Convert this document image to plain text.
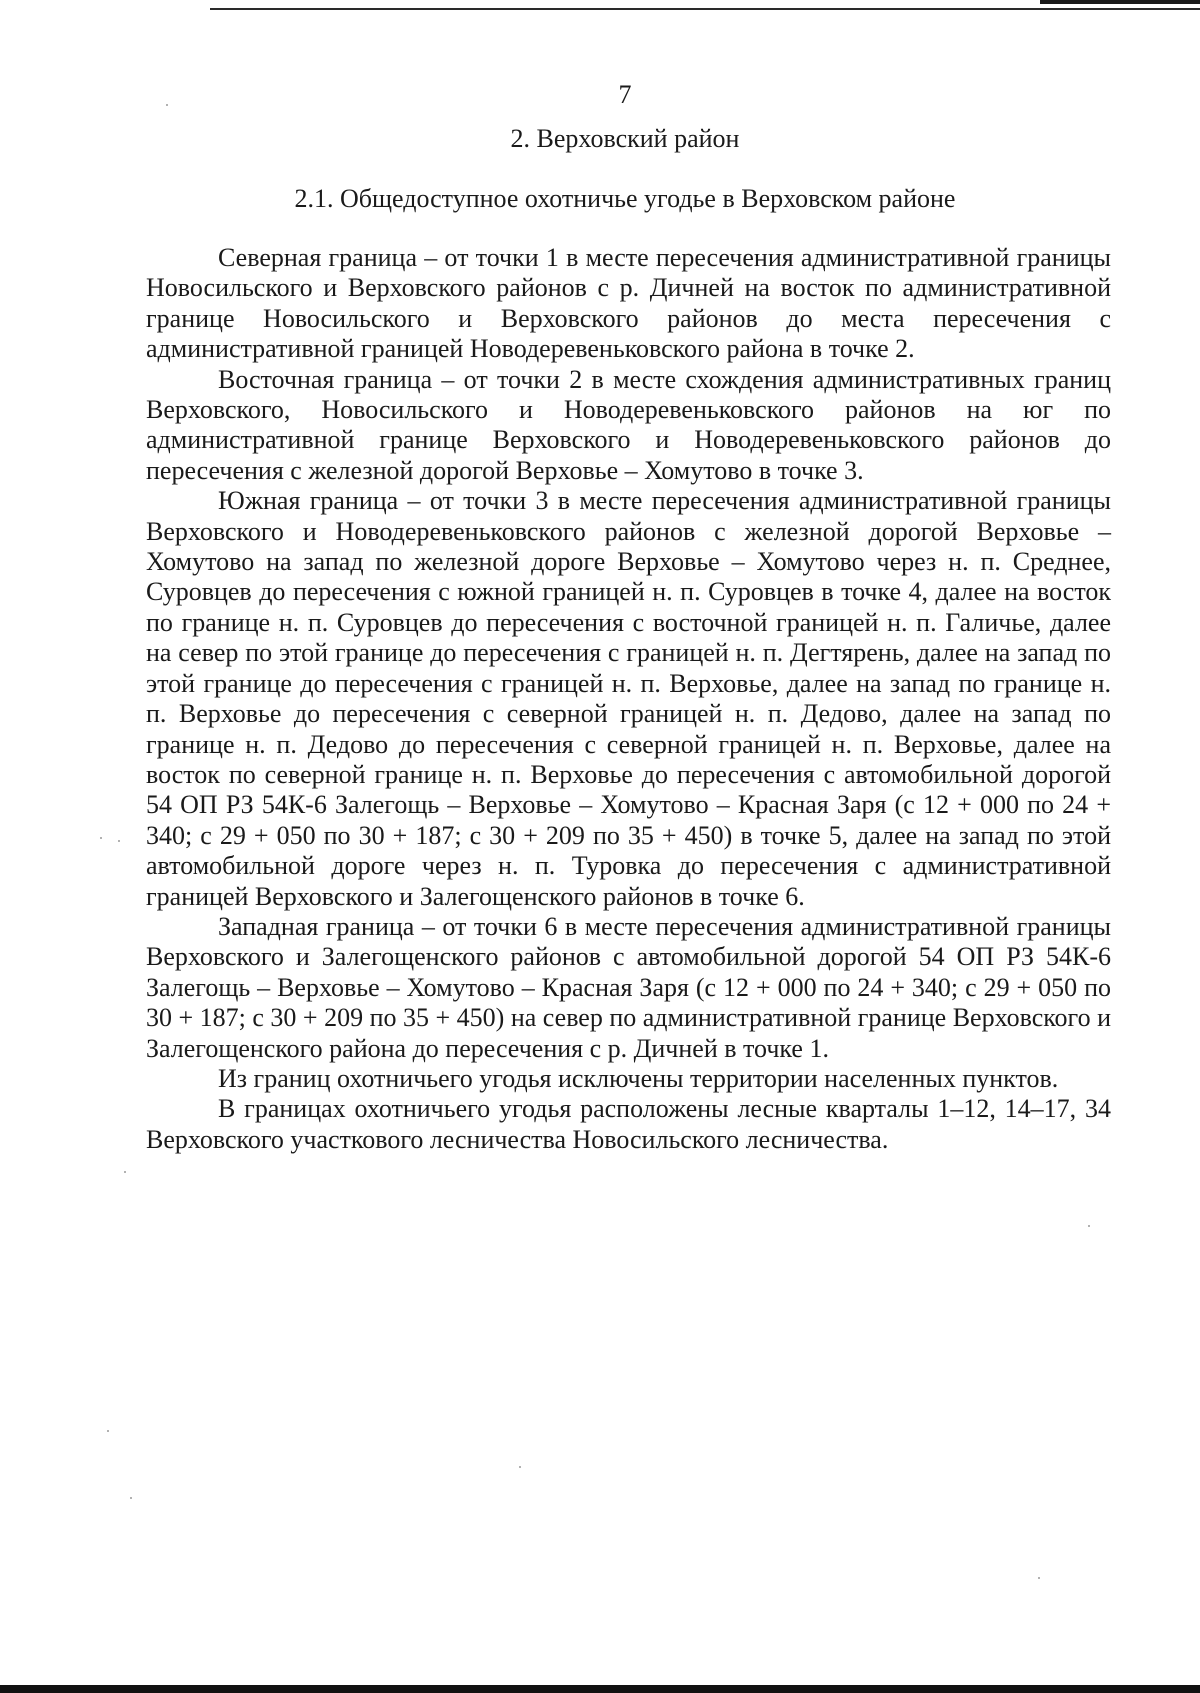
7
2. Верховский район
2.1. Общедоступное охотничье угодье в Верховском районе

Северная граница – от точки 1 в месте пересечения административной границы Новосильского и Верховского районов с р. Дичней на восток по административной границе Новосильского и Верховского районов до места пересечения с административной границей Новодеревеньковского района в точке 2.

Восточная граница – от точки 2 в месте схождения административных границ Верховского, Новосильского и Новодеревеньковского районов на юг по административной границе Верховского и Новодеревеньковского районов до пересечения с железной дорогой Верховье – Хомутово в точке 3.

Южная граница – от точки 3 в месте пересечения административной границы Верховского и Новодеревеньковского районов с железной дорогой Верховье – Хомутово на запад по железной дороге Верховье – Хомутово через н. п. Среднее, Суровцев до пересечения с южной границей н. п. Суровцев в точке 4, далее на восток по границе н. п. Суровцев до пересечения с восточной границей н. п. Галичье, далее на север по этой границе до пересечения с границей н. п. Дегтярень, далее на запад по этой границе до пересечения с границей н. п. Верховье, далее на запад по границе н. п. Верховье до пересечения с северной границей н. п. Дедово, далее на запад по границе н. п. Дедово до пересечения с северной границей н. п. Верховье, далее на восток по северной границе н. п. Верховье до пересечения с автомобильной дорогой 54 ОП РЗ 54К-6 Залегощь – Верховье – Хомутово – Красная Заря (с 12 + 000 по 24 + 340; с 29 + 050 по 30 + 187; с 30 + 209 по 35 + 450) в точке 5, далее на запад по этой автомобильной дороге через н. п. Туровка до пересечения с административной границей Верховского и Залегощенского районов в точке 6.

Западная граница – от точки 6 в месте пересечения административной границы Верховского и Залегощенского районов с автомобильной дорогой 54 ОП РЗ 54К-6 Залегощь – Верховье – Хомутово – Красная Заря (с 12 + 000 по 24 + 340; с 29 + 050 по 30 + 187; с 30 + 209 по 35 + 450) на север по административной границе Верховского и Залегощенского района до пересечения с р. Дичней в точке 1.

Из границ охотничьего угодья исключены территории населенных пунктов.

В границах охотничьего угодья расположены лесные кварталы 1–12, 14–17, 34 Верховского участкового лесничества Новосильского лесничества.
